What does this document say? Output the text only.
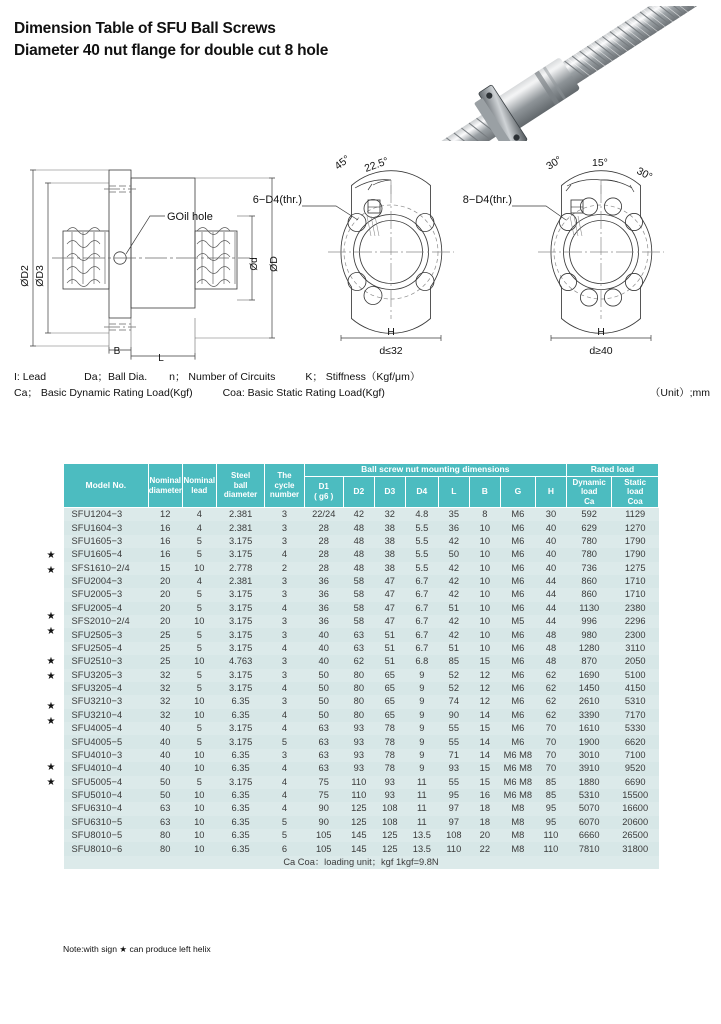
Dimension Table of SFU Ball Screws
Diameter 40 nut flange for double cut 8 hole
ØD2 ØD3
Ød ØD
B
L
GOil hole
45° 22.5°
6−D4(thr.)
H
d≤32
30°	15°
30°
8−D4(thr.)
H
d≥40
I: Lead	Da；Ball Dia. n； Number of Circuits	K； Stiffness（Kgf/μm）
Ca； Basic Dynamic Rating Load(Kgf)	Coa: Basic Static Rating Load(Kgf)	（Unit）;mm
★
★
★
★
★
★
★
★
★
★
Model No.	Nominal
diameter

Nominal
lead

Steel
ball
diameter

The
cycle
number
	Ball screw nut mounting dimensions	Rated load

D1
( g6 )
	D2	D3	D4	L	B	G	H	
Dynamic
load
Ca

Static
load
Coa

SFU1204−3	12	4	2.381	3	22/24	42	32	4.8	35	8	M6	30	592	1129
SFU1604−3	16	4	2.381	3	28	48	38	5.5	36	10	M6	40	629	1270
SFU1605−3	16	5	3.175	3	28	48	38	5.5	42	10	M6	40	780	1790
SFU1605−4	16	5	3.175	4	28	48	38	5.5	50	10	M6	40	780	1790
SFS1610−2/4	15	10	2.778	2	28	48	38	5.5	42	10	M6	40	736	1275
SFU2004−3	20	4	2.381	3	36	58	47	6.7	42	10	M6	44	860	1710
SFU2005−3	20	5	3.175	3	36	58	47	6.7	42	10	M6	44	860	1710
SFU2005−4	20	5	3.175	4	36	58	47	6.7	51	10	M6	44	1130	2380
SFS2010−2/4	20	10	3.175	3	36	58	47	6.7	42	10	M5	44	996	2296
SFU2505−3	25	5	3.175	3	40	63	51	6.7	42	10	M6	48	980	2300
SFU2505−4	25	5	3.175	4	40	63	51	6.7	51	10	M6	48	1280	3110
SFU2510−3	25	10	4.763	3	40	62	51	6.8	85	15	M6	48	870	2050
SFU3205−3	32	5	3.175	3	50	80	65	9	52	12	M6	62	1690	5100
SFU3205−4	32	5	3.175	4	50	80	65	9	52	12	M6	62	1450	4150
SFU3210−3	32	10	6.35	3	50	80	65	9	74	12	M6	62	2610	5310
SFU3210−4	32	10	6.35	4	50	80	65	9	90	14	M6	62	3390	7170
SFU4005−4	40	5	3.175	4	63	93	78	9	55	15	M6	70	1610	5330
SFU4005−5	40	5	3.175	5	63	93	78	9	55	14	M6	70	1900	6620
SFU4010−3	40	10	6.35	3	63	93	78	9	71	14	M6 M8	70	3010	7100
SFU4010−4	40	10	6.35	4	63	93	78	9	93	15	M6 M8	70	3910	9520
SFU5005−4	50	5	3.175	4	75	110	93	11	55	15	M6 M8	85	1880	6690
SFU5010−4	50	10	6.35	4	75	110	93	11	95	16	M6 M8	85	5310	15500
SFU6310−4	63	10	6.35	4	90	125	108	11	97	18	M8	95	5070	16600
SFU6310−5	63	10	6.35	5	90	125	108	11	97	18	M8	95	6070	20600
SFU8010−5	80	10	6.35	5	105	145	125	13.5	108	20	M8	110	6660	26500
SFU8010−6	80	10	6.35	6	105	145	125	13.5	110	22	M8	110	7810	31800
Ca Coa：loading unit；kgf 1kgf=9.8N														
Note:with sign ★ can produce left helix
